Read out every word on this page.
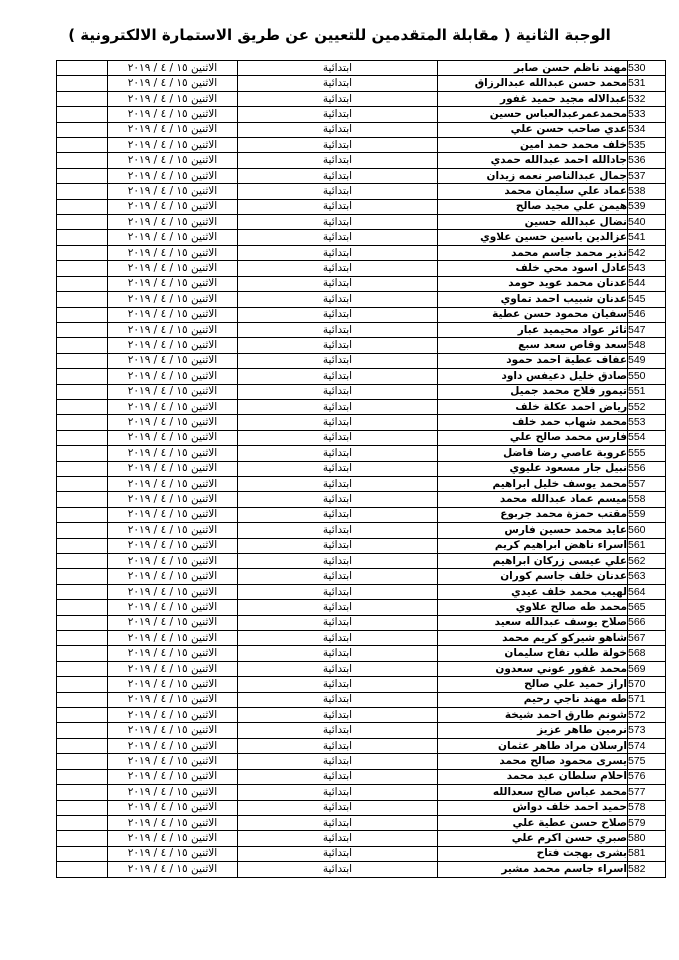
الوجبة الثانية ( مقابلة المتقدمين للتعيين عن طريق الاستمارة الالكترونية )
530	مهند ناظم حسن صابر	ابتدائية	الاثنين ١٥ / ٤ / ٢٠١٩	
531	محمد حسن عبدالله عبدالرزاق	ابتدائية	الاثنين ١٥ / ٤ / ٢٠١٩	
532	عبدالاله مجيد حميد غفور	ابتدائية	الاثنين ١٥ / ٤ / ٢٠١٩	
533	محمدعمرعبدالعباس حسين	ابتدائية	الاثنين ١٥ / ٤ / ٢٠١٩	
534	عدي صاحب حسن علي	ابتدائية	الاثنين ١٥ / ٤ / ٢٠١٩	
535	خلف محمد حمد امين	ابتدائية	الاثنين ١٥ / ٤ / ٢٠١٩	
536	جادالله احمد عبدالله حمدي	ابتدائية	الاثنين ١٥ / ٤ / ٢٠١٩	
537	جمال عبدالناصر نعمه زيدان	ابتدائية	الاثنين ١٥ / ٤ / ٢٠١٩	
538	عماد علي سليمان محمد	ابتدائية	الاثنين ١٥ / ٤ / ٢٠١٩	
539	هيمن علي مجيد صالح	ابتدائية	الاثنين ١٥ / ٤ / ٢٠١٩	
540	نضال عبدالله حسين	ابتدائية	الاثنين ١٥ / ٤ / ٢٠١٩	
541	عزالدين ياسين حسين علاوي	ابتدائية	الاثنين ١٥ / ٤ / ٢٠١٩	
542	نذير محمد جاسم محمد	ابتدائية	الاثنين ١٥ / ٤ / ٢٠١٩	
543	عادل اسود محي خلف	ابتدائية	الاثنين ١٥ / ٤ / ٢٠١٩	
544	عدنان محمد عويد حومد	ابتدائية	الاثنين ١٥ / ٤ / ٢٠١٩	
545	عدنان شبيب احمد تماوي	ابتدائية	الاثنين ١٥ / ٤ / ٢٠١٩	
546	سفيان محمود حسن عطية	ابتدائية	الاثنين ١٥ / ٤ / ٢٠١٩	
547	ثائر عواد محيميد عبار	ابتدائية	الاثنين ١٥ / ٤ / ٢٠١٩	
548	سعد وقاص سعد سبع	ابتدائية	الاثنين ١٥ / ٤ / ٢٠١٩	
549	عفاف عطية احمد حمود	ابتدائية	الاثنين ١٥ / ٤ / ٢٠١٩	
550	صادق خليل دعيفس داود	ابتدائية	الاثنين ١٥ / ٤ / ٢٠١٩	
551	تيمور فلاح محمد جميل	ابتدائية	الاثنين ١٥ / ٤ / ٢٠١٩	
552	رياض احمد عكلة خلف	ابتدائية	الاثنين ١٥ / ٤ / ٢٠١٩	
553	محمد شهاب حمد خلف	ابتدائية	الاثنين ١٥ / ٤ / ٢٠١٩	
554	فارس محمد صالح علي	ابتدائية	الاثنين ١٥ / ٤ / ٢٠١٩	
555	عروبة عاصي رضا فاضل	ابتدائية	الاثنين ١٥ / ٤ / ٢٠١٩	
556	نبيل جار مسعود عليوي	ابتدائية	الاثنين ١٥ / ٤ / ٢٠١٩	
557	محمد يوسف خليل ابراهيم	ابتدائية	الاثنين ١٥ / ٤ / ٢٠١٩	
558	ميسم عماد عبدالله محمد	ابتدائية	الاثنين ١٥ / ٤ / ٢٠١٩	
559	مقتب حمزة محمد جربوع	ابتدائية	الاثنين ١٥ / ٤ / ٢٠١٩	
560	عايد محمد حسين فارس	ابتدائية	الاثنين ١٥ / ٤ / ٢٠١٩	
561	اسراء ناهض ابراهيم كريم	ابتدائية	الاثنين ١٥ / ٤ / ٢٠١٩	
562	علي عيسى زركان ابراهيم	ابتدائية	الاثنين ١٥ / ٤ / ٢٠١٩	
563	عدنان خلف جاسم كوران	ابتدائية	الاثنين ١٥ / ٤ / ٢٠١٩	
564	لهيب محمد خلف عيدي	ابتدائية	الاثنين ١٥ / ٤ / ٢٠١٩	
565	محمد طه صالح علاوي	ابتدائية	الاثنين ١٥ / ٤ / ٢٠١٩	
566	صلاح يوسف عبدالله سعيد	ابتدائية	الاثنين ١٥ / ٤ / ٢٠١٩	
567	شاهو شيركو كريم محمد	ابتدائية	الاثنين ١٥ / ٤ / ٢٠١٩	
568	خولة طلب تفاح سليمان	ابتدائية	الاثنين ١٥ / ٤ / ٢٠١٩	
569	محمد غفور عوني سعدون	ابتدائية	الاثنين ١٥ / ٤ / ٢٠١٩	
570	اراز حميد علي صالح	ابتدائية	الاثنين ١٥ / ٤ / ٢٠١٩	
571	طه مهند ناجي رحيم	ابتدائية	الاثنين ١٥ / ٤ / ٢٠١٩	
572	شونم طارق احمد شيخة	ابتدائية	الاثنين ١٥ / ٤ / ٢٠١٩	
573	نرمين طاهر عزيز	ابتدائية	الاثنين ١٥ / ٤ / ٢٠١٩	
574	ارسلان مراد طاهر عثمان	ابتدائية	الاثنين ١٥ / ٤ / ٢٠١٩	
575	يسرى محمود صالح محمد	ابتدائية	الاثنين ١٥ / ٤ / ٢٠١٩	
576	احلام سلطان عبد محمد	ابتدائية	الاثنين ١٥ / ٤ / ٢٠١٩	
577	محمد عباس صالح سعدالله	ابتدائية	الاثنين ١٥ / ٤ / ٢٠١٩	
578	حميد احمد خلف دواش	ابتدائية	الاثنين ١٥ / ٤ / ٢٠١٩	
579	صلاح حسن عطية علي	ابتدائية	الاثنين ١٥ / ٤ / ٢٠١٩	
580	صبري حسن اكرم علي	ابتدائية	الاثنين ١٥ / ٤ / ٢٠١٩	
581	بشرى بهجت فتاح	ابتدائية	الاثنين ١٥ / ٤ / ٢٠١٩	
582	اسراء جاسم محمد مشير	ابتدائية	الاثنين ١٥ / ٤ / ٢٠١٩	
